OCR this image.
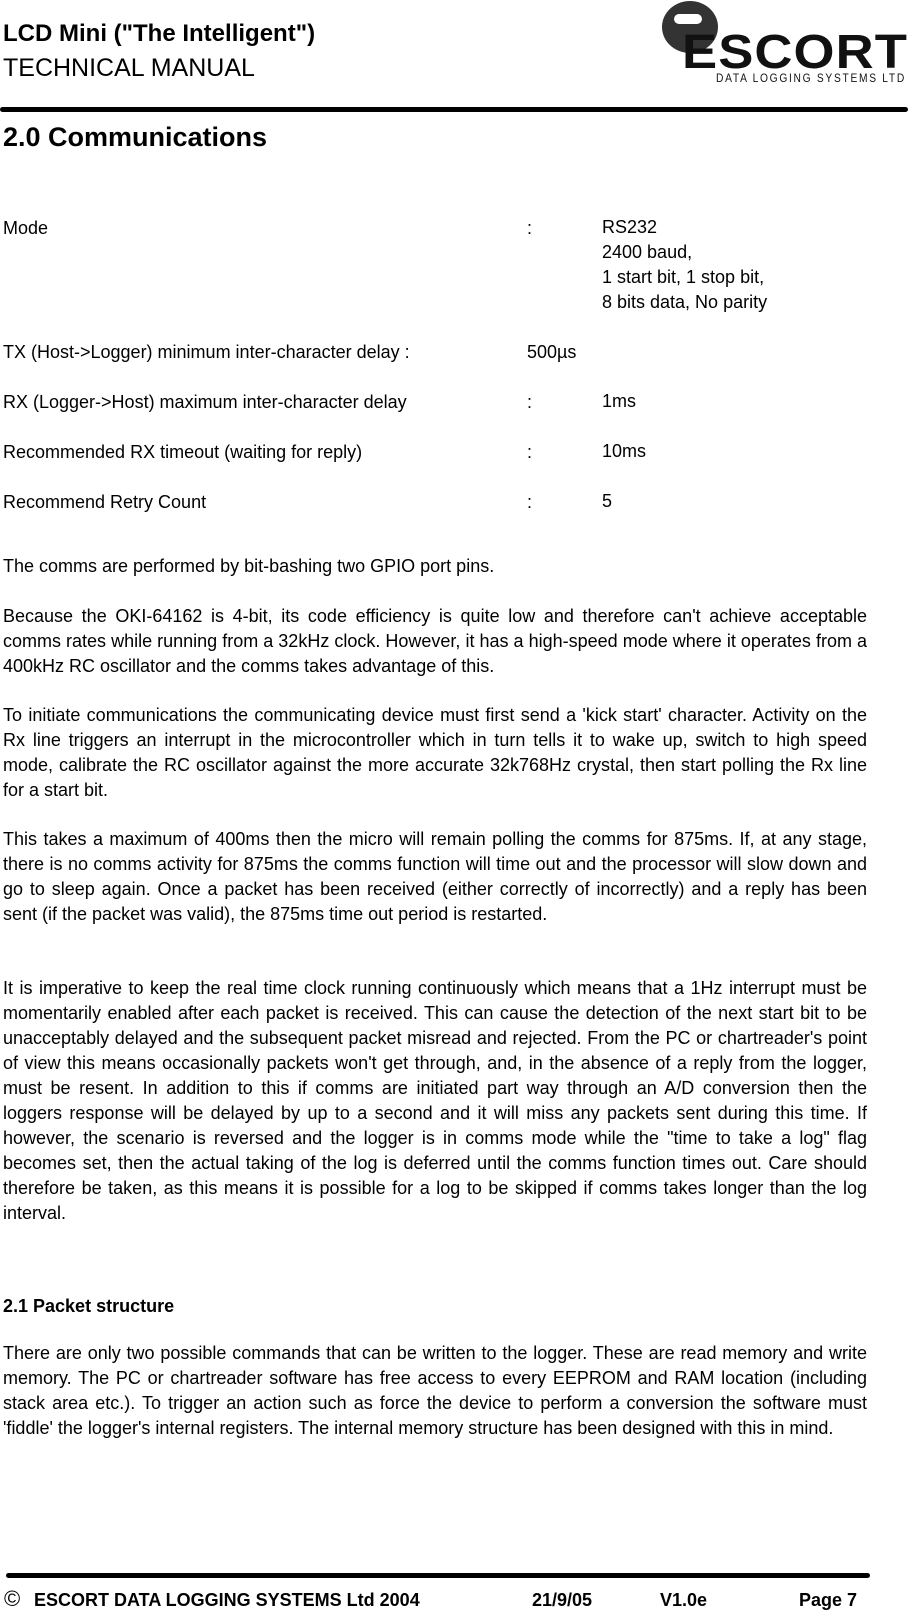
LCD Mini ("The Intelligent")
TECHNICAL MANUAL	ESCORT
DATA LOGGING SYSTEMS LTD
2.0 Communications
Mode	:	RS232
2400 baud,
1 start bit, 1 stop bit,
8 bits data, No parity
TX (Host->Logger) minimum inter-character delay :	500µs
RX (Logger->Host) maximum inter-character delay	:	1ms
Recommended RX timeout (waiting for reply)	:	10ms
Recommend Retry Count	:	5

The comms are performed by bit-bashing two GPIO port pins.

Because the OKI-64162 is 4-bit, its code efficiency is quite low and therefore can't achieve acceptable comms rates while running from a 32kHz clock. However, it has a high-speed mode where it operates from a 400kHz RC oscillator and the comms takes advantage of this.

To initiate communications the communicating device must first send a 'kick start' character. Activity on the Rx line triggers an interrupt in the microcontroller which in turn tells it to wake up, switch to high speed mode, calibrate the RC oscillator against the more accurate 32k768Hz crystal, then start polling the Rx line for a start bit.

This takes a maximum of 400ms then the micro will remain polling the comms for 875ms. If, at any stage, there is no comms activity for 875ms the comms function will time out and the processor will slow down and go to sleep again. Once a packet has been received (either correctly of incorrectly) and a reply has been sent (if the packet was valid), the 875ms time out period is restarted.

It is imperative to keep the real time clock running continuously which means that a 1Hz interrupt must be momentarily enabled after each packet is received. This can cause the detection of the next start bit to be unacceptably delayed and the subsequent packet misread and rejected. From the PC or chartreader's point of view this means occasionally packets won't get through, and, in the absence of a reply from the logger, must be resent. In addition to this if comms are initiated part way through an A/D conversion then the loggers response will be delayed by up to a second and it will miss any packets sent during this time. If however, the scenario is reversed and the logger is in comms mode while the "time to take a log" flag becomes set, then the actual taking of the log is deferred until the comms function times out. Care should therefore be taken, as this means it is possible for a log to be skipped if comms takes longer than the log interval.

2.1 Packet structure

There are only two possible commands that can be written to the logger. These are read memory and write memory. The PC or chartreader software has free access to every EEPROM and RAM location (including stack area etc.). To trigger an action such as force the device to perform a conversion the software must 'fiddle' the logger's internal registers. The internal memory structure has been designed with this in mind.

© ESCORT DATA LOGGING SYSTEMS Ltd 2004	21/9/05	V1.0e	Page 7
